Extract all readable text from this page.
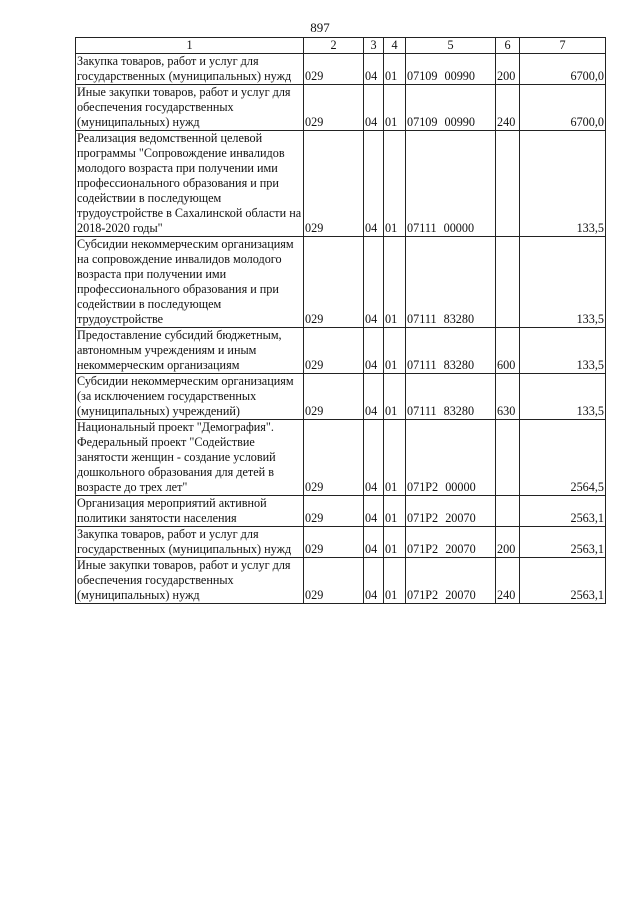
897
1	2	3	4	5	6	7
Закупка товаров, работ и услуг для государственных (муниципальных) нужд	029	04	01	07109 00990	200	6700,0
Иные закупки товаров, работ и услуг для обеспечения государственных (муниципальных) нужд	029	04	01	07109 00990	240	6700,0
Реализация ведомственной целевой программы "Сопровождение инвалидов молодого возраста при получении ими профессионального образования и при содействии в последующем трудоустройстве в Сахалинской области на 2018-2020 годы"	029	04	01	07111 00000		133,5
Субсидии некоммерческим организациям на сопровождение инвалидов молодого возраста при получении ими профессионального образования и при содействии в последующем трудоустройстве	029	04	01	07111 83280		133,5
Предоставление субсидий бюджетным, автономным учреждениям и иным некоммерческим организациям	029	04	01	07111 83280	600	133,5
Субсидии некоммерческим организациям (за исключением государственных (муниципальных) учреждений)	029	04	01	07111 83280	630	133,5
Национальный проект "Демография". Федеральный проект "Содействие занятости женщин - создание условий дошкольного образования для детей в возрасте до трех лет"	029	04	01	071P2 00000		2564,5
Организация мероприятий активной политики занятости населения	029	04	01	071P2 20070		2563,1
Закупка товаров, работ и услуг для государственных (муниципальных) нужд	029	04	01	071P2 20070	200	2563,1
Иные закупки товаров, работ и услуг для обеспечения государственных (муниципальных) нужд	029	04	01	071P2 20070	240	2563,1
